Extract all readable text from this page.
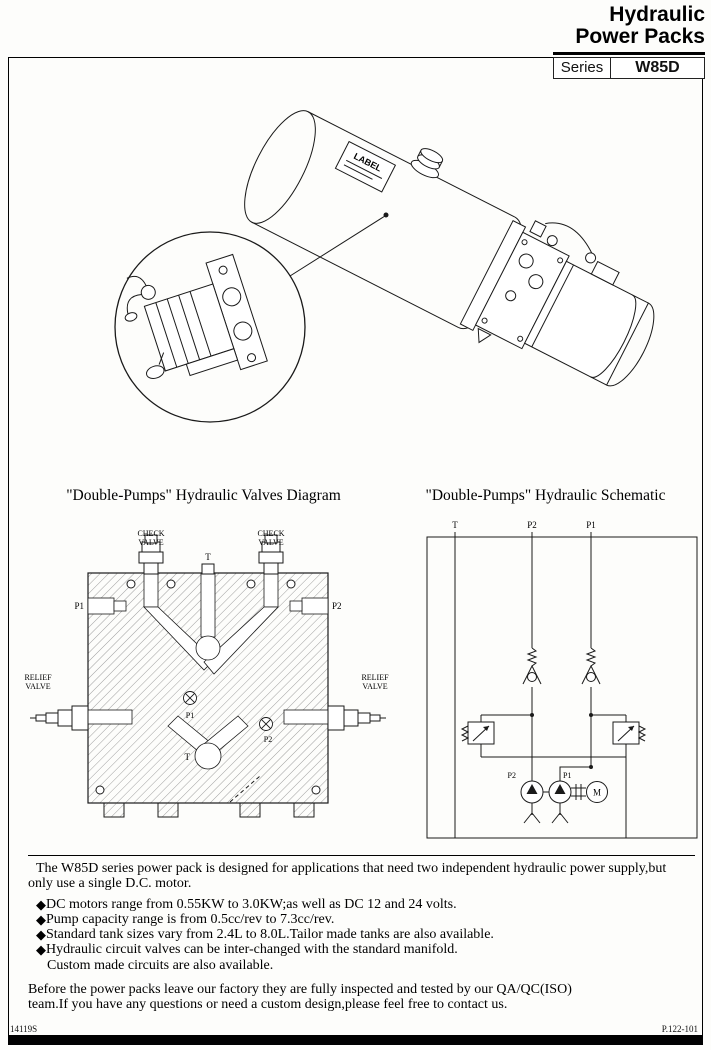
Hydraulic
Power Packs
Series	W85D
LABEL
"Double-Pumps" Hydraulic Valves Diagram	"Double-Pumps" Hydraulic Schematic
CHECK
VALVE
CHECK
VALVE
T
P1	P2
RELIEF
VALVE
RELIEF
VALVE
P1
P2
T
T	P2	P1
P2	P1
M
The W85D series power pack is designed for applications that need two independent hydraulic power supply,but only use a single D.C. motor.
◆ DC motors range from 0.55KW to 3.0KW;as well as DC 12 and 24 volts.
◆ Pump capacity range is from 0.5cc/rev to 7.3cc/rev.
◆ Standard tank sizes vary from 2.4L to 8.0L.Tailor made tanks are also available.
◆ Hydraulic circuit valves can be inter-changed with the standard manifold.
Custom made circuits are also available.
Before the power packs leave our factory they are fully inspected and tested by our QA/QC(ISO) team.If you have any questions or need a custom design,please feel free to contact us.
14119S	P.122-101
